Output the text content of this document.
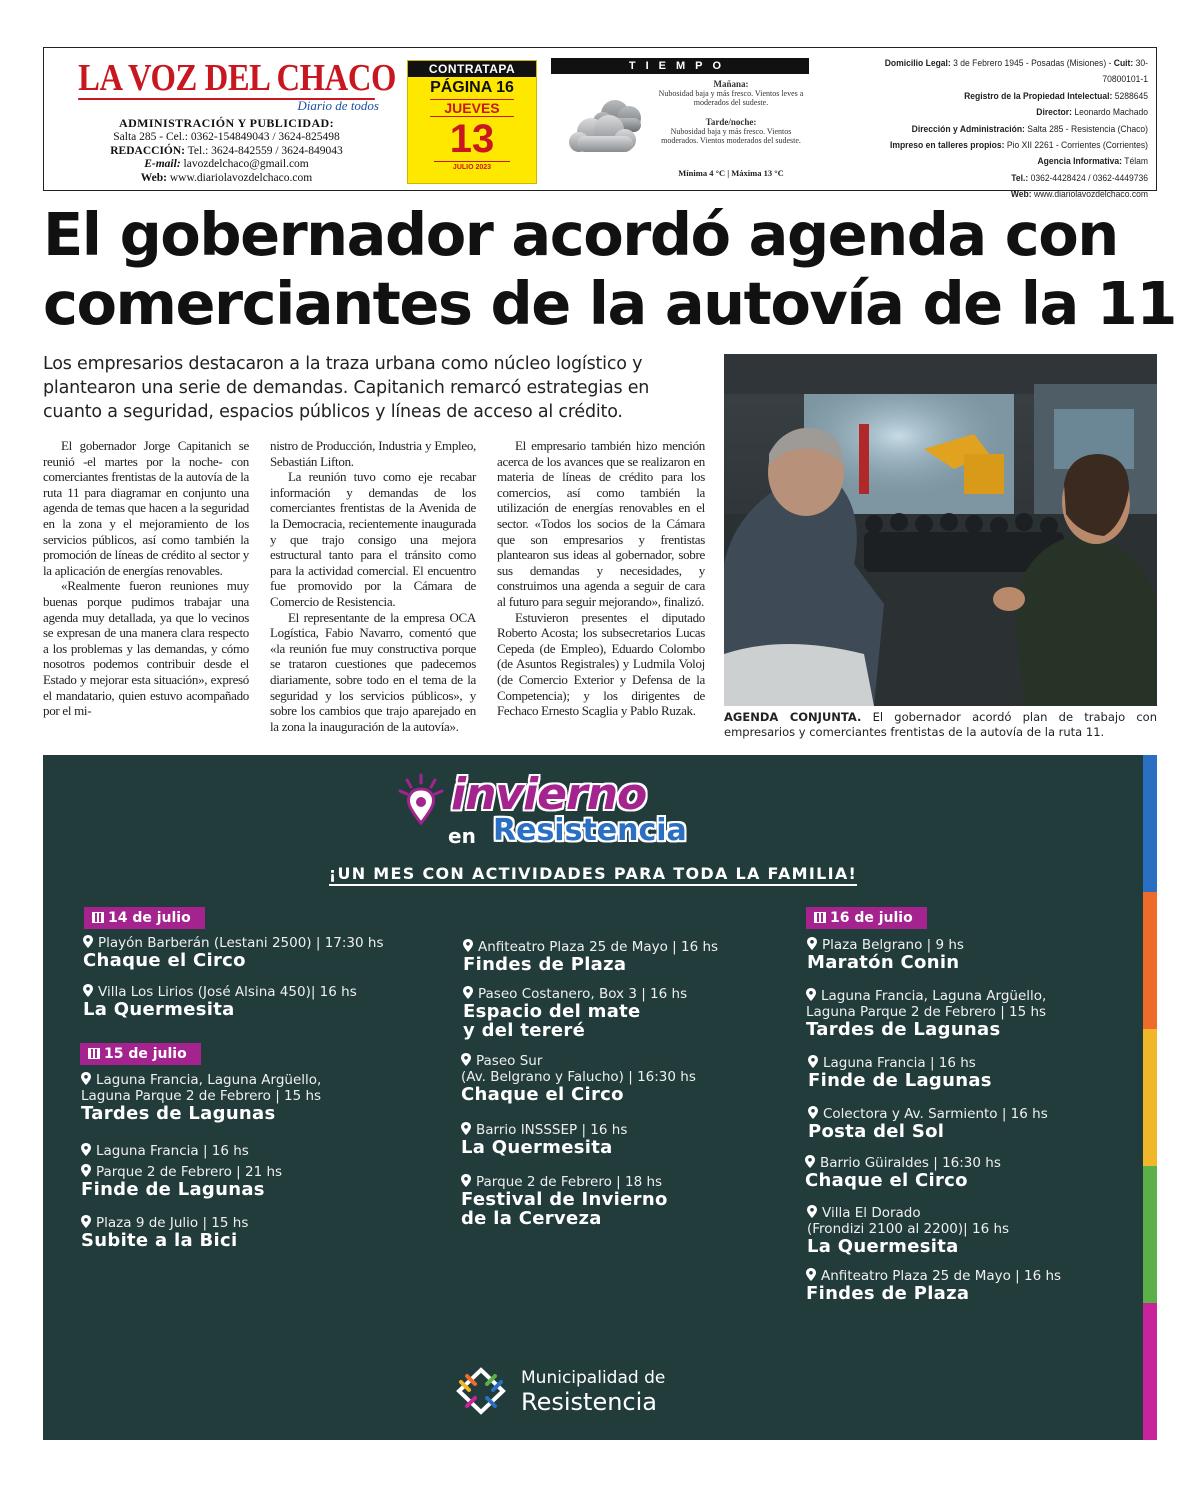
LA VOZ DEL CHACO
Diario de todos
ADMINISTRACIÓN Y PUBLICIDAD:
Salta 285 - Cel.: 0362-154849043 / 3624-825498
REDACCIÓN: Tel.: 3624-842559 / 3624-849043
E-mail: lavozdelchaco@gmail.com
Web: www.diariolavozdelchaco.com
CONTRATAPA
PÁGINA 16
JUEVES
13
JULIO 2023
TIEMPO
Mañana:
Nubosidad baja y más fresco. Vientos leves a moderados del sudeste.
Tarde/noche:
Nubosidad baja y más fresco. Vientos moderados. Vientos moderados del sudeste.
Mínima 4 °C | Máxima 13 °C
Domicilio Legal: 3 de Febrero 1945 - Posadas (Misiones) - Cuit: 30-70800101-1
Registro de la Propiedad Intelectual: 5288645
Director: Leonardo Machado
Dirección y Administración: Salta 285 - Resistencia (Chaco)
Impreso en talleres propios: Pio XII 2261 - Corrientes (Corrientes)
Agencia Informativa: Télam
Tel.: 0362-4428424 / 0362-4449736
Web: www.diariolavozdelchaco.com
El gobernador acordó agenda con
comerciantes de la autovía de la 11

Los empresarios destacaron a la traza urbana como núcleo logístico y plantearon una serie de demandas. Capitanich remarcó estrategias en cuanto a seguridad, espacios públicos y líneas de acceso al crédito.

El gobernador Jorge Capitanich se reunió -el martes por la noche- con comerciantes frentistas de la autovía de la ruta 11 para diagramar en conjunto una agenda de temas que hacen a la seguridad en la zona y el mejoramiento de los servicios públicos, así como también la promoción de líneas de crédito al sector y la aplicación de energías renovables.

«Realmente fueron reuniones muy buenas porque pudimos trabajar una agenda muy detallada, ya que lo vecinos se expresan de una manera clara respecto a los problemas y las demandas, y cómo nosotros podemos contribuir desde el Estado y mejorar esta situación», expresó el mandatario, quien estuvo acompañado por el mi-

nistro de Producción, Industria y Empleo, Sebastián Lifton.

La reunión tuvo como eje recabar información y demandas de los comerciantes frentistas de la Avenida de la Democracia, recientemente inaugurada y que trajo consigo una mejora estructural tanto para el tránsito como para la actividad comercial. El encuentro fue promovido por la Cámara de Comercio de Resistencia.

El representante de la empresa OCA Logística, Fabio Navarro, comentó que «la reunión fue muy constructiva porque se trataron cuestiones que padecemos diariamente, sobre todo en el tema de la seguridad y los servicios públicos», y sobre los cambios que trajo aparejado en la zona la inauguración de la autovía».

El empresario también hizo mención acerca de los avances que se realizaron en materia de líneas de crédito para los comercios, así como también la utilización de energías renovables en el sector. «Todos los socios de la Cámara que son empresarios y frentistas plantearon sus ideas al gobernador, sobre sus demandas y necesidades, y construimos una agenda a seguir de cara al futuro para seguir mejorando», finalizó.

Estuvieron presentes el diputado Roberto Acosta; los subsecretarios Lucas Cepeda (de Empleo), Eduardo Colombo (de Asuntos Registrales) y Ludmila Voloj (de Comercio Exterior y Defensa de la Competencia); y los dirigentes de Fechaco Ernesto Scaglia y Pablo Ruzak.	AGENDA CONJUNTA. El gobernador acordó plan de trabajo con empresarios y comerciantes frentistas de la autovía de la ruta 11.

invierno
en Resistencia
¡UN MES CON ACTIVIDADES PARA TODA LA FAMILIA!
14 de julio
Playón Barberán (Lestani 2500) | 17:30 hs
Chaque el Circo
Villa Los Lirios (José Alsina 450)| 16 hs
La Quermesita
15 de julio
Laguna Francia, Laguna Argüello,
Laguna Parque 2 de Febrero | 15 hs
Tardes de Lagunas
Laguna Francia | 16 hs
Parque 2 de Febrero | 21 hs
Finde de Lagunas
Plaza 9 de Julio | 15 hs
Subite a la Bici
Anfiteatro Plaza 25 de Mayo | 16 hs
Findes de Plaza
Paseo Costanero, Box 3 | 16 hs
Espacio del mate
y del tereré
Paseo Sur
(Av. Belgrano y Falucho) | 16:30 hs
Chaque el Circo
Barrio INSSSEP | 16 hs
La Quermesita
Parque 2 de Febrero | 18 hs
Festival de Invierno
de la Cerveza
16 de julio
Plaza Belgrano | 9 hs
Maratón Conin
Laguna Francia, Laguna Argüello,
Laguna Parque 2 de Febrero | 15 hs
Tardes de Lagunas
Laguna Francia | 16 hs
Finde de Lagunas
Colectora y Av. Sarmiento | 16 hs
Posta del Sol
Barrio Güiraldes | 16:30 hs
Chaque el Circo
Villa El Dorado
(Frondizi 2100 al 2200)| 16 hs
La Quermesita
Anfiteatro Plaza 25 de Mayo | 16 hs
Findes de Plaza
Municipalidad de
Resistencia
